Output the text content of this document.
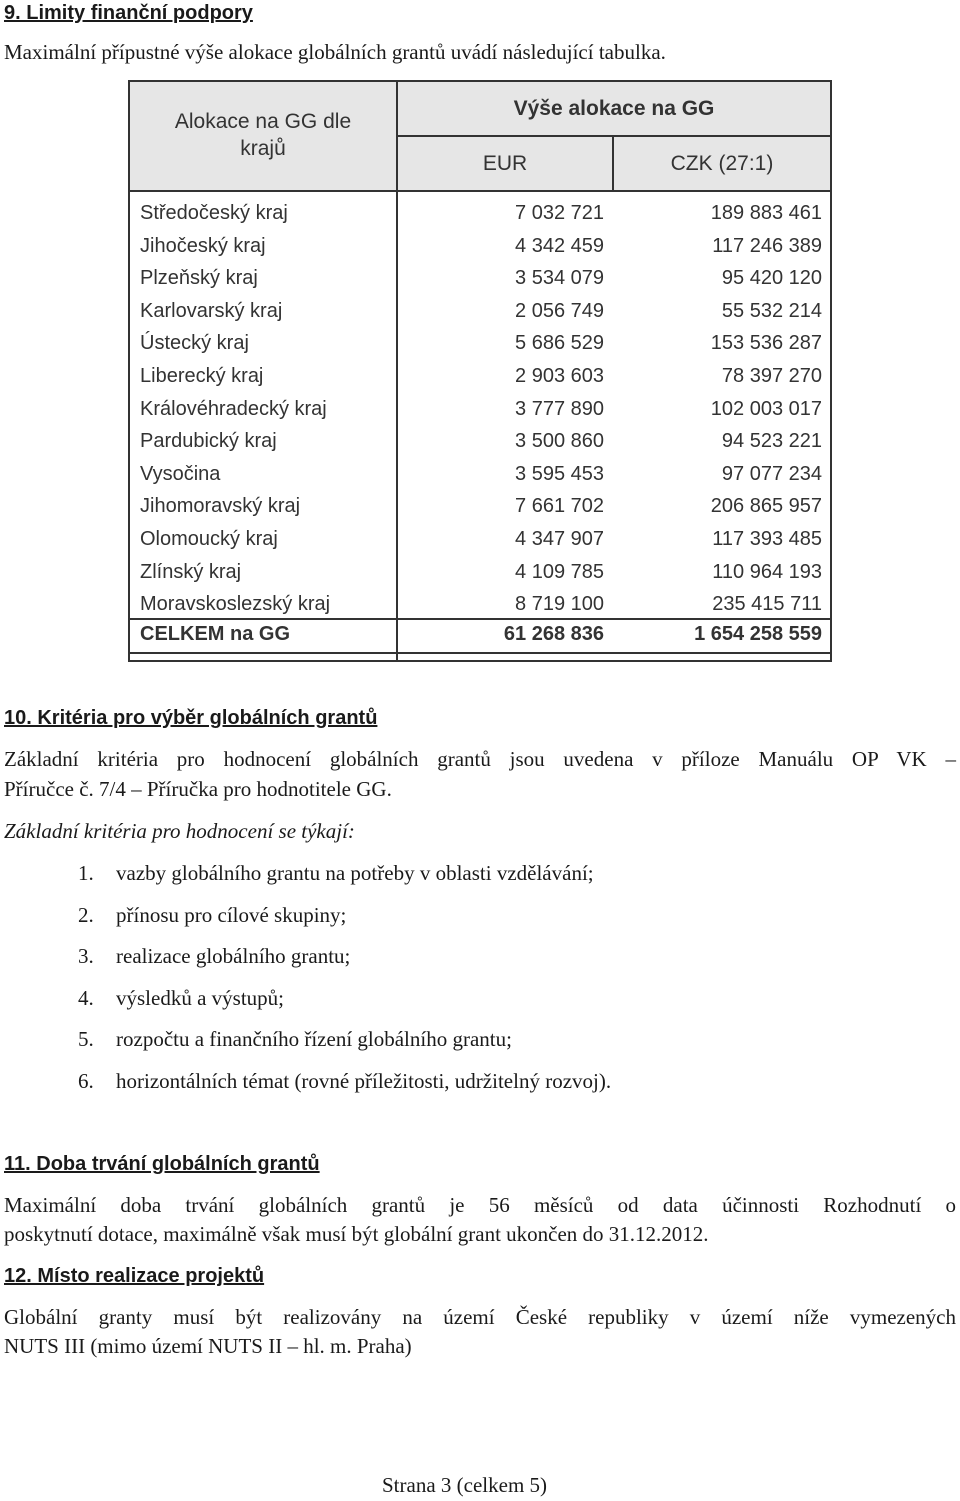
9. Limity finanční podpory
Maximální přípustné výše alokace globálních grantů uvádí následující tabulka.
Alokace na GG dle
krajů
Výše alokace na GG
EUR	CZK (27:1)
Středočeský kraj	7 032 721	189 883 461
Jihočeský kraj	4 342 459	117 246 389
Plzeňský kraj	3 534 079	95 420 120
Karlovarský kraj	2 056 749	55 532 214
Ústecký kraj	5 686 529	153 536 287
Liberecký kraj	2 903 603	78 397 270
Královéhradecký kraj	3 777 890	102 003 017
Pardubický kraj	3 500 860	94 523 221
Vysočina	3 595 453	97 077 234
Jihomoravský kraj	7 661 702	206 865 957
Olomoucký kraj	4 347 907	117 393 485
Zlínský kraj	4 109 785	110 964 193
Moravskoslezský kraj	8 719 100	235 415 711
CELKEM na GG	61 268 836	1 654 258 559
10. Kritéria pro výběr globálních grantů
Základní kritéria pro hodnocení globálních grantů jsou uvedena v příloze Manuálu OP VK –
Příručce č. 7/4 – Příručka pro hodnotitele GG.
Základní kritéria pro hodnocení se týkají:
1. vazby globálního grantu na potřeby v oblasti vzdělávání;
2. přínosu pro cílové skupiny;
3. realizace globálního grantu;
4. výsledků a výstupů;
5. rozpočtu a finančního řízení globálního grantu;
6. horizontálních témat (rovné příležitosti, udržitelný rozvoj).
11. Doba trvání globálních grantů
Maximální doba trvání globálních grantů je 56 měsíců od data účinnosti Rozhodnutí o
poskytnutí dotace, maximálně však musí být globální grant ukončen do 31.12.2012.
12. Místo realizace projektů
Globální granty musí být realizovány na území České republiky v území níže vymezených
NUTS III (mimo území NUTS II – hl. m. Praha)
Strana 3 (celkem 5)
